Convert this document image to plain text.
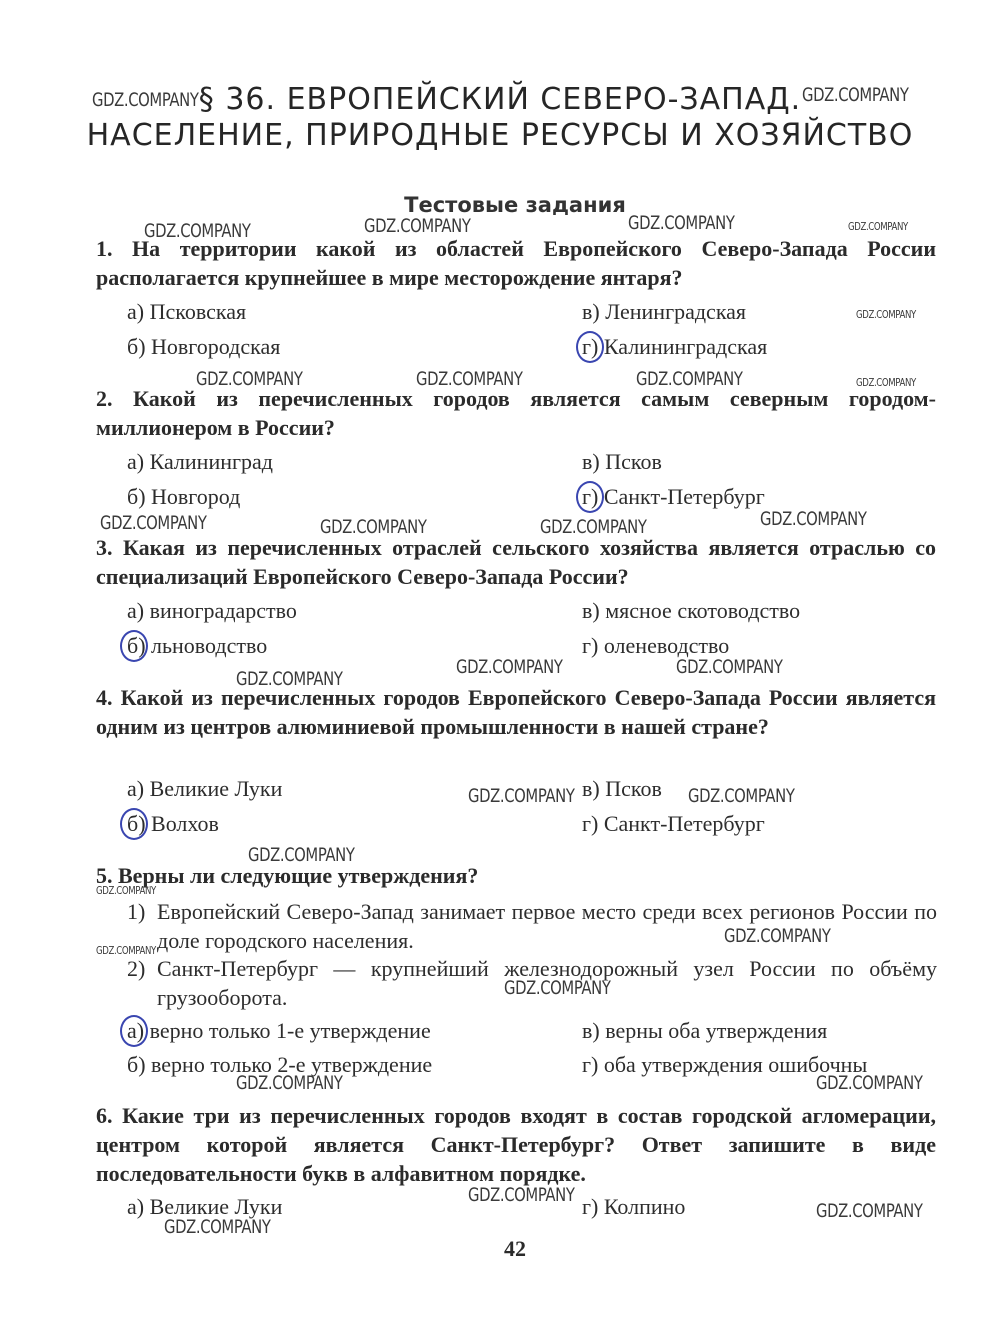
§ 36. ЕВРОПЕЙСКИЙ СЕВЕРО-ЗАПАД.
НАСЕЛЕНИЕ, ПРИРОДНЫЕ РЕСУРСЫ И ХОЗЯЙСТВО
Тестовые задания
1. На территории какой из областей Европейского Северо-Запада России располагается крупнейшее в мире месторождение янтаря?
а) Псковская
б) Новгородская
в) Ленинградская
г) Калининградская
2. Какой из перечисленных городов является самым северным городом-миллионером в России?
а) Калининград
б) Новгород
в) Псков
г) Санкт-Петербург
3. Какая из перечисленных отраслей сельского хозяйства является отраслью со специализаций Европейского Северо-Запада России?
а) виноградарство
б) льноводство
в) мясное скотоводство
г) оленеводство
4. Какой из перечисленных городов Европейского Северо-Запада России является одним из центров алюминиевой промышленности в нашей стране?
а) Великие Луки
б) Волхов
в) Псков
г) Санкт-Петербург
5. Верны ли следующие утверждения?
1) Европейский Северо-Запад занимает первое место среди всех регионов России по доле городского населения.
2) Санкт-Петербург — крупнейший железнодорожный узел России по объёму грузооборота.
а) верно только 1-е утверждение
б) верно только 2-е утверждение
в) верны оба утверждения
г) оба утверждения ошибочны
6. Какие три из перечисленных городов входят в состав городской агломерации, центром которой является Санкт-Петербург? Ответ запишите в виде последовательности букв в алфавитном порядке.
а) Великие Луки	г) Колпино
42
GDZ.COMPANY	GDZ.COMPANY
GDZ.COMPANY	GDZ.COMPANY	GDZ.COMPANY	GDZ.COMPANY
GDZ.COMPANY
GDZ.COMPANY	GDZ.COMPANY	GDZ.COMPANY	GDZ.COMPANY
GDZ.COMPANY	GDZ.COMPANY	GDZ.COMPANY	GDZ.COMPANY
GDZ.COMPANY
GDZ.COMPANY	GDZ.COMPANY
GDZ.COMPANY	GDZ.COMPANY
GDZ.COMPANY
GDZ.COMPANY
GDZ.COMPANY
GDZ.COMPANY
GDZ.COMPANY
GDZ.COMPANY	GDZ.COMPANY
GDZ.COMPANY
GDZ.COMPANY
GDZ.COMPANY
